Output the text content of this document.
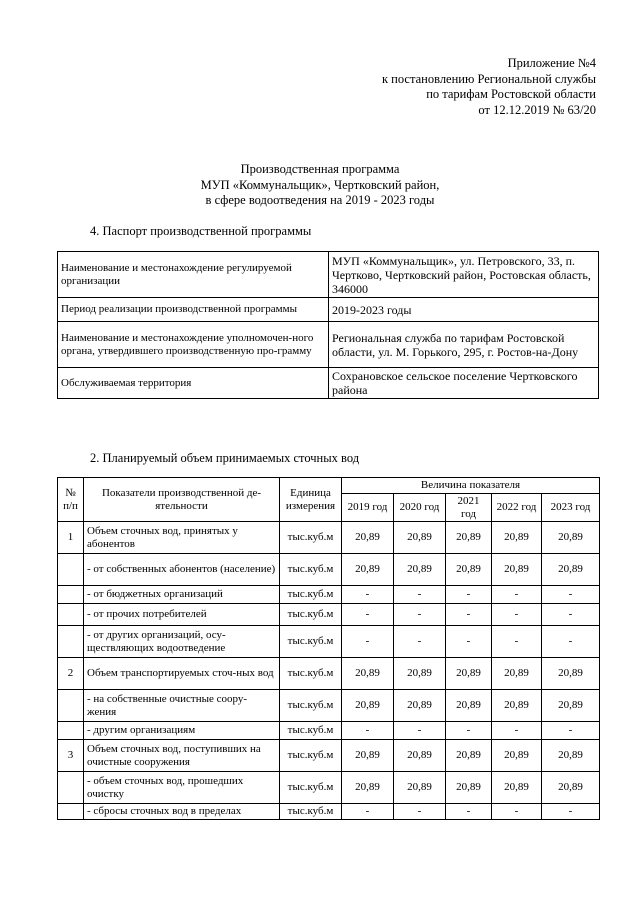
Приложение №4
к постановлению Региональной службы
по тарифам Ростовской области
от 12.12.2019 № 63/20
Производственная программа
МУП «Коммунальщик», Чертковский район,
в сфере водоотведения на 2019 - 2023 годы
4. Паспорт производственной программы
Наименование и местонахождение регулируемой организации	МУП «Коммунальщик», ул. Петровского, 33, п. Чертково, Чертковский район, Ростовская область, 346000
Период реализации производственной программы	2019-2023 годы
Наименование и местонахождение уполномочен-ного органа, утвердившего производственную про-грамму	Региональная служба по тарифам Ростовской области, ул. М. Горького, 295, г. Ростов-на-Дону
Обслуживаемая территория	Сохрановское сельское поселение Чертковского района
2. Планируемый объем принимаемых сточных вод
№ п/п	Показатели производственной де-ятельности	Единица измерения	Величина показателя				
			2019 год	2020 год	2021 год	2022 год	2023 год
1	Объем сточных вод, принятых у абонентов	тыс.куб.м	20,89	20,89	20,89	20,89	20,89
	- от собственных абонентов (население)	тыс.куб.м	20,89	20,89	20,89	20,89	20,89
	- от бюджетных организаций	тыс.куб.м	-	-	-	-	-
	- от прочих потребителей	тыс.куб.м	-	-	-	-	-
	- от других организаций, осу-ществляющих водоотведение	тыс.куб.м	-	-	-	-	-
2	Объем транспортируемых сточ-ных вод	тыс.куб.м	20,89	20,89	20,89	20,89	20,89
	- на собственные очистные соору-жения	тыс.куб.м	20,89	20,89	20,89	20,89	20,89
	- другим организациям	тыс.куб.м	-	-	-	-	-
3	Объем сточных вод, поступивших на очистные сооружения	тыс.куб.м	20,89	20,89	20,89	20,89	20,89
	- объем сточных вод, прошедших очистку	тыс.куб.м	20,89	20,89	20,89	20,89	20,89
	- сбросы сточных вод в пределах	тыс.куб.м	-	-	-	-	-
